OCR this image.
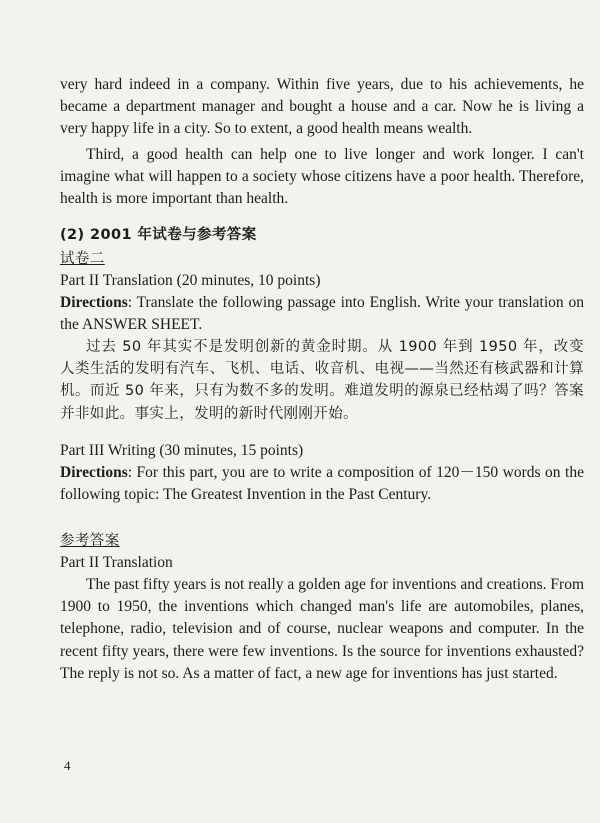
very hard indeed in a company. Within five years, due to his achievements, he became a department manager and bought a house and a car. Now he is living a very happy life in a city. So to extent, a good health means wealth.

Third, a good health can help one to live longer and work longer. I can't imagine what will happen to a society whose citizens have a poor health. Therefore, health is more important than health.

(2) 2001 年试卷与参考答案

试卷二

Part II Translation (20 minutes, 10 points)

Directions: Translate the following passage into English. Write your translation on the ANSWER SHEET.

过去 50 年其实不是发明创新的黄金时期。从 1900 年到 1950 年，改变人类生活的发明有汽车、飞机、电话、收音机、电视——当然还有核武器和计算机。而近 50 年来，只有为数不多的发明。难道发明的源泉已经枯竭了吗？答案并非如此。事实上，发明的新时代刚刚开始。

Part III Writing (30 minutes, 15 points)

Directions: For this part, you are to write a composition of 120－150 words on the following topic: The Greatest Invention in the Past Century.

参考答案

Part II Translation

The past fifty years is not really a golden age for inventions and creations. From 1900 to 1950, the inventions which changed man's life are automobiles, planes, telephone, radio, television and of course, nuclear weapons and computer. In the recent fifty years, there were few inventions. Is the source for inventions exhausted? The reply is not so. As a matter of fact, a new age for inventions has just started.

4
